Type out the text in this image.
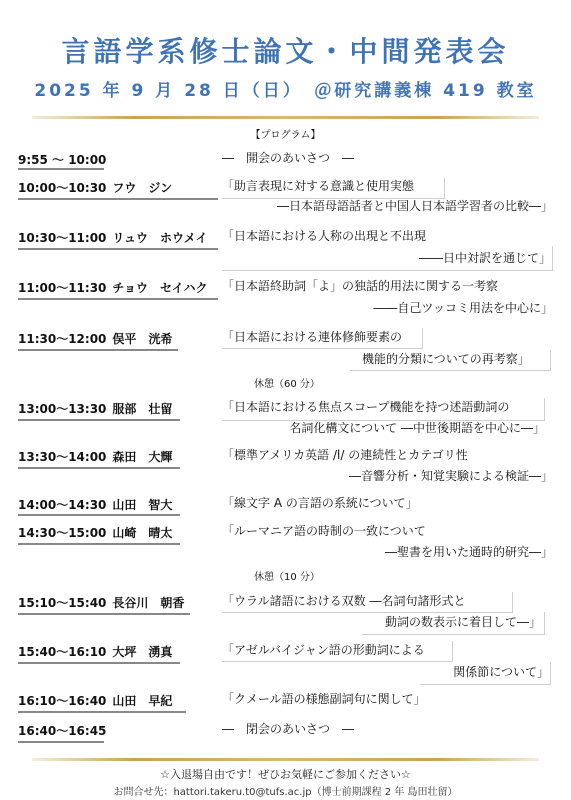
言語学系修士論文・中間発表会
2025 年 9 月 28 日（日）　＠研究講義棟 419 教室
【プログラム】
9:55 〜 10:00	―　開会のあいさつ　―
10:00〜10:30 フウ　ジン	「助言表現に対する意識と使用実態
―日本語母語話者と中国人日本語学習者の比較―」
10:30〜11:00 リュウ　ホウメイ 「日本語における人称の出現と不出現
――日中対訳を通じて」
11:00〜11:30 チョウ　セイハク 「日本語終助詞「よ」の独話的用法に関する一考察
――自己ツッコミ用法を中心に」
11:30〜12:00 俣平　洸希	「日本語における連体修飾要素の
機能的分類についての再考察」
休憩（60 分）
13:00〜13:30 服部　壮留	「日本語における焦点スコープ機能を持つ述語動詞の
名詞化構文について ―中世後期語を中心に―」
13:30〜14:00 森田　大輝	「標準アメリカ英語 /l/ の連続性とカテゴリ性
―音響分析・知覚実験による検証―」
14:00〜14:30 山田　智大	「線文字 A の言語の系統について」
14:30〜15:00 山崎　晴太	「ルーマニア語の時制の一致について
―聖書を用いた通時的研究―」
休憩（10 分）
15:10〜15:40 長谷川　朝香	「ウラル諸語における双数 ―名詞句諸形式と
動詞の数表示に着目して―」
15:40〜16:10 大坪　湧真	「アゼルバイジャン語の形動詞による
関係節について」
16:10〜16:40 山田　早紀	「クメール語の様態副詞句に関して」
16:40〜16:45	―　閉会のあいさつ　―
☆入退場自由です！ぜひお気軽にご参加ください☆
お問合せ先：hattori.takeru.t0@tufs.ac.jp（博士前期課程 2 年 島田壮留）
